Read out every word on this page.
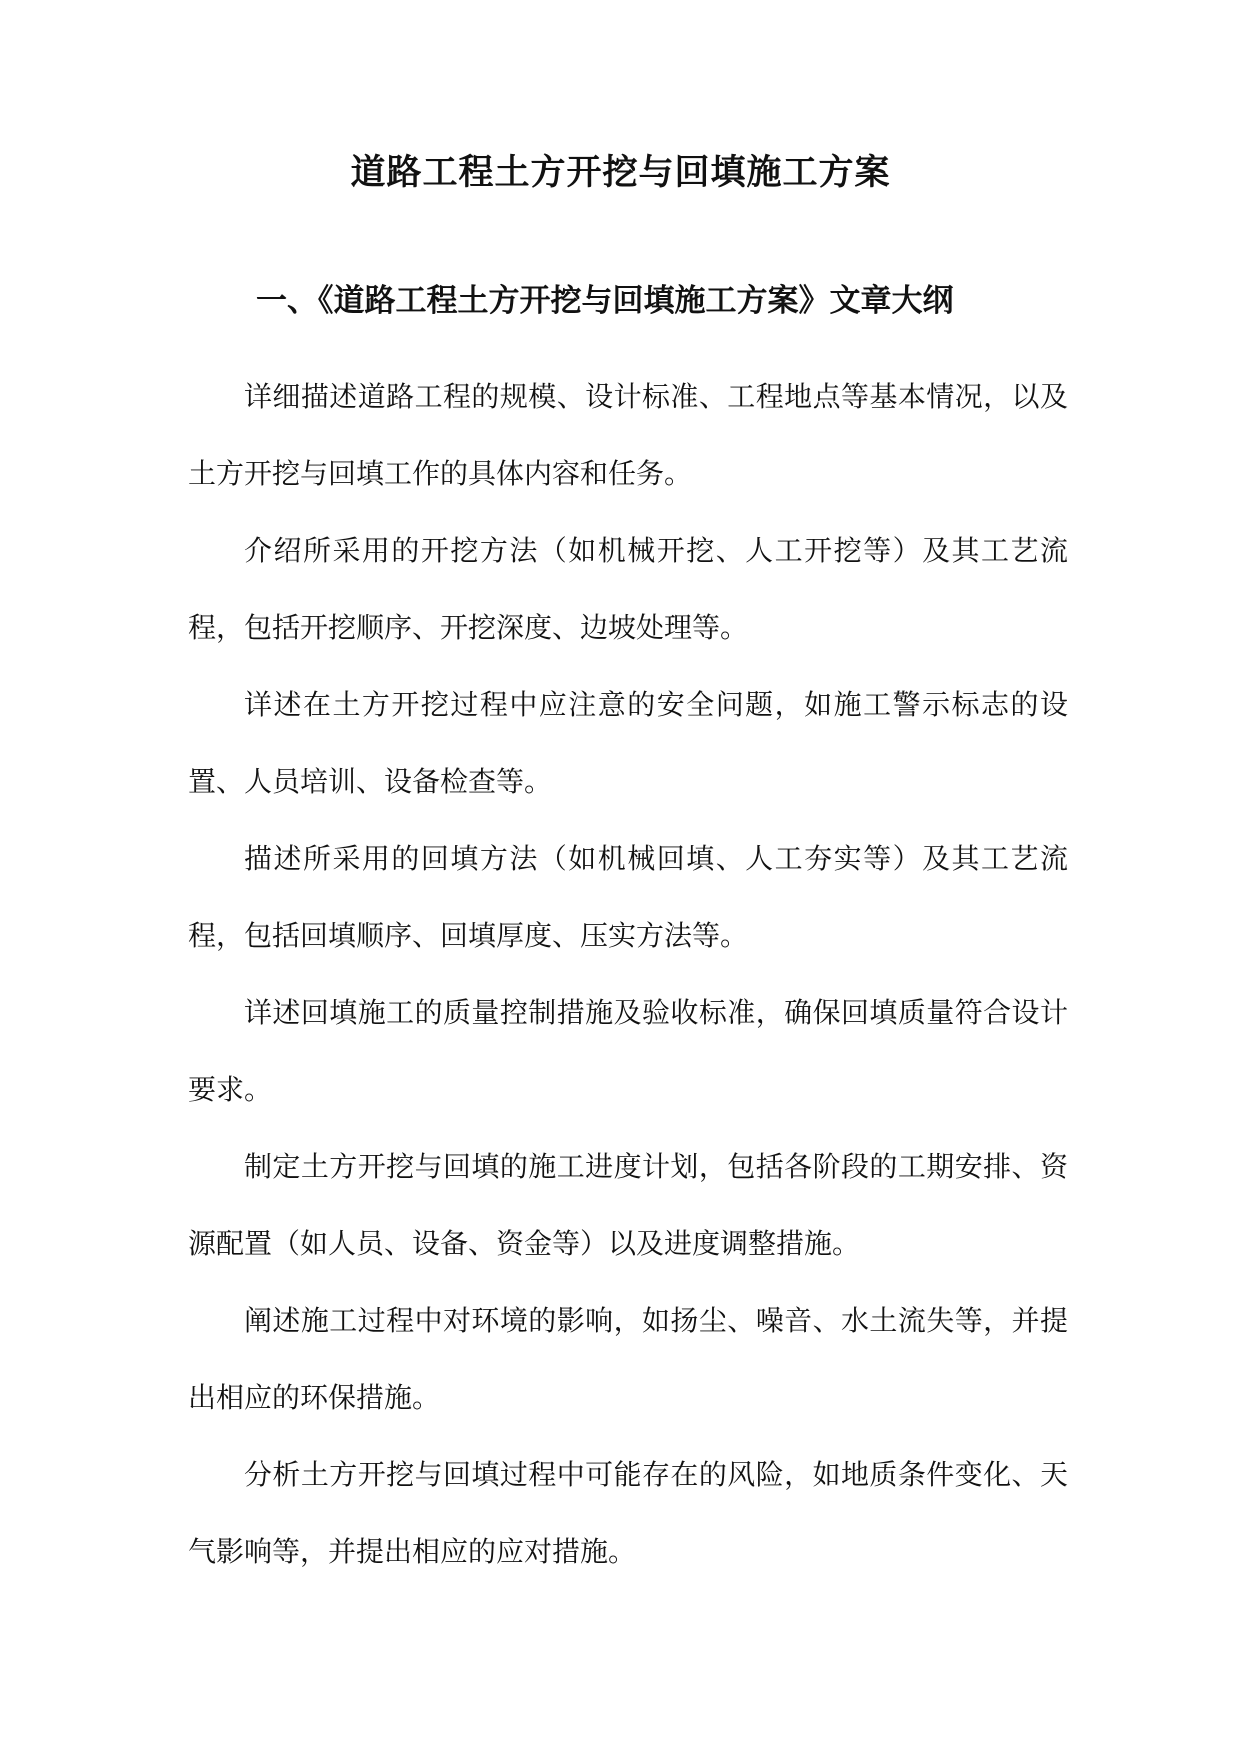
道路工程土方开挖与回填施工方案
一、《道路工程土方开挖与回填施工方案》文章大纲

详细描述道路工程的规模、设计标准、工程地点等基本情况，以及土方开挖与回填工作的具体内容和任务。

介绍所采用的开挖方法（如机械开挖、人工开挖等）及其工艺流程，包括开挖顺序、开挖深度、边坡处理等。

详述在土方开挖过程中应注意的安全问题，如施工警示标志的设置、人员培训、设备检查等。

描述所采用的回填方法（如机械回填、人工夯实等）及其工艺流程，包括回填顺序、回填厚度、压实方法等。

详述回填施工的质量控制措施及验收标准，确保回填质量符合设计要求。

制定土方开挖与回填的施工进度计划，包括各阶段的工期安排、资源配置（如人员、设备、资金等）以及进度调整措施。

阐述施工过程中对环境的影响，如扬尘、噪音、水土流失等，并提出相应的环保措施。

分析土方开挖与回填过程中可能存在的风险，如地质条件变化、天气影响等，并提出相应的应对措施。
